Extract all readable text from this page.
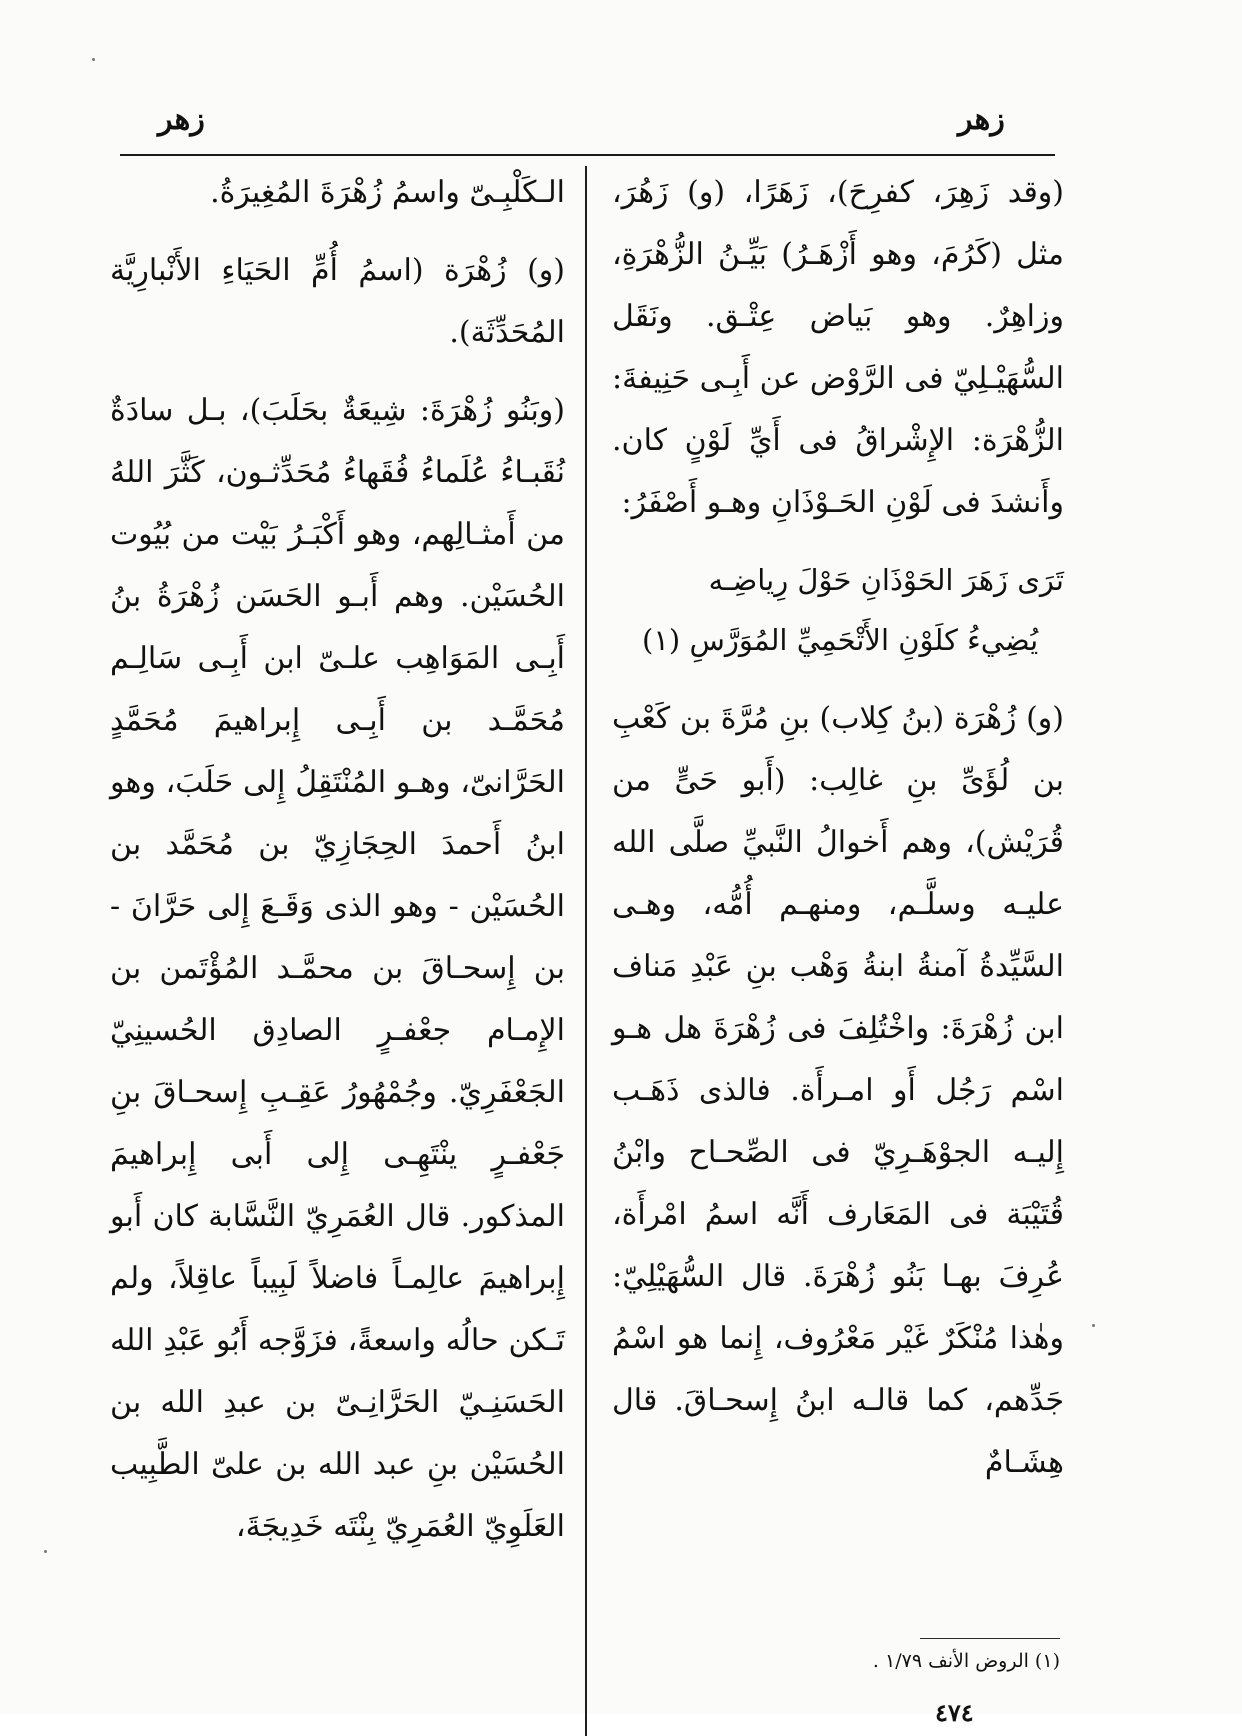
زهر
زهر

(وقد زَهِرَ، كفرِحَ)، زَهَرًا، (و) زَهُرَ، مثل (كَرُمَ، وهو أَزْهَـرُ) بَيِّـنُ الزُّهْرَةِ، وزاهِرٌ. وهو بَياض عِتْـق. ونَقَل السُّهَيْـلِيّ فى الرَّوْض عن أَبِـى حَنِيفةَ: الزُّهْرَة: الإِشْراقُ فى أَيِّ لَوْنٍ كان. وأَنشدَ فى لَوْنِ الحَـوْذَانِ وهـو أَصْفَرُ:

تَرَى زَهَرَ الحَوْذَانِ حَوْلَ رِياضِـه
يُضِيءُ كلَوْنِ الأَتْحَمِيِّ المُوَرَّسِ (١)

(و) زُهْرَة (بنُ كِلاب) بنِ مُرَّةَ بن كَعْبِ بن لُؤَىِّ بنِ غالِب: (أَبو حَىٍّ من قُرَيْش)، وهم أَخوالُ النَّبيِّ صلَّى الله عليـه وسلَّـم، ومنهـم أُمُّه، وهـى السَّيِّدةُ آمنةُ ابنةُ وَهْب بنِ عَبْدِ مَناف ابن زُهْرَةَ: واخْتُلِفَ فى زُهْرَةَ هل هـو اسْم رَجُل أَو امـرأَة. فالذى ذَهَـب إِليـه الجوْهَـرِيّ فى الصِّحـاح وابْنُ قُتَيْبَة فى المَعَارف أَنَّه اسمُ امْرأَة، عُرِفَ بهـا بَنُو زُهْرَةَ. قال السُّهَيْلِيّ: وهٰذا مُنْكَرٌ غَيْر مَعْرُوف، إِنما هو اسْمُ جَدِّهم، كما قالـه ابنُ إِسحـاقَ. قال هِشَـامٌ

الـكَلْبِـىّ واسمُ زُهْرَةَ المُغِيرَةُ.

(و) زُهْرَة (اسمُ أُمِّ الحَيَاءِ الأَنْبارِيَّة المُحَدِّثَة).

(وبَنُو زُهْرَةَ: شِيعَةٌ بحَلَبَ)، بـل سادَةٌ نُقَبـاءُ عُلَماءُ فُقَهاءُ مُحَدِّثـون، كَثَّرَ اللهُ من أَمثـالِهم، وهو أَكْبَـرُ بَيْت من بُيُوت الحُسَيْن. وهم أَبـو الحَسَن زُهْرَةُ بنُ أَبِـى المَوَاهِب علـىّ ابن أَبِـى سَالِـم مُحَمَّـد بن أَبِـى إِبراهيمَ مُحَمَّدٍ الحَرَّانىّ، وهـو المُنْتَقِلُ إِلى حَلَبَ، وهو ابنُ أَحمدَ الحِجَازِيّ بن مُحَمَّد بن الحُسَيْن - وهو الذى وَقَـعَ إِلى حَرَّانَ - بن إِسحـاقَ بن محمَّـد المُؤْتَمن بن الإِمـام جعْفـرٍ الصادِق الحُسينِيّ الجَعْفَرِيّ. وجُمْهُورُ عَقِـبِ إِسحـاقَ بنِ جَعْفـرٍ ينْتَهِـى إِلى أَبى إِبراهيمَ المذكور. قال العُمَرِيّ النَّسَّابة كان أَبو إِبراهيمَ عالِمـاً فاضلاً لَبِيباً عاقِلاً، ولم تَـكن حالُه واسعةً، فزَوَّجه أَبُو عَبْدِ الله الحَسَنِـيّ الحَرَّانِـىّ بن عبدِ الله بن الحُسَيْن بنِ عبد الله بن علىّ الطَّبِيب العَلَوِيّ العُمَرِيّ بِنْتَه خَدِيجَةَ،

(١) الروض الأنف ١/٧٩ .
٤٧٤
